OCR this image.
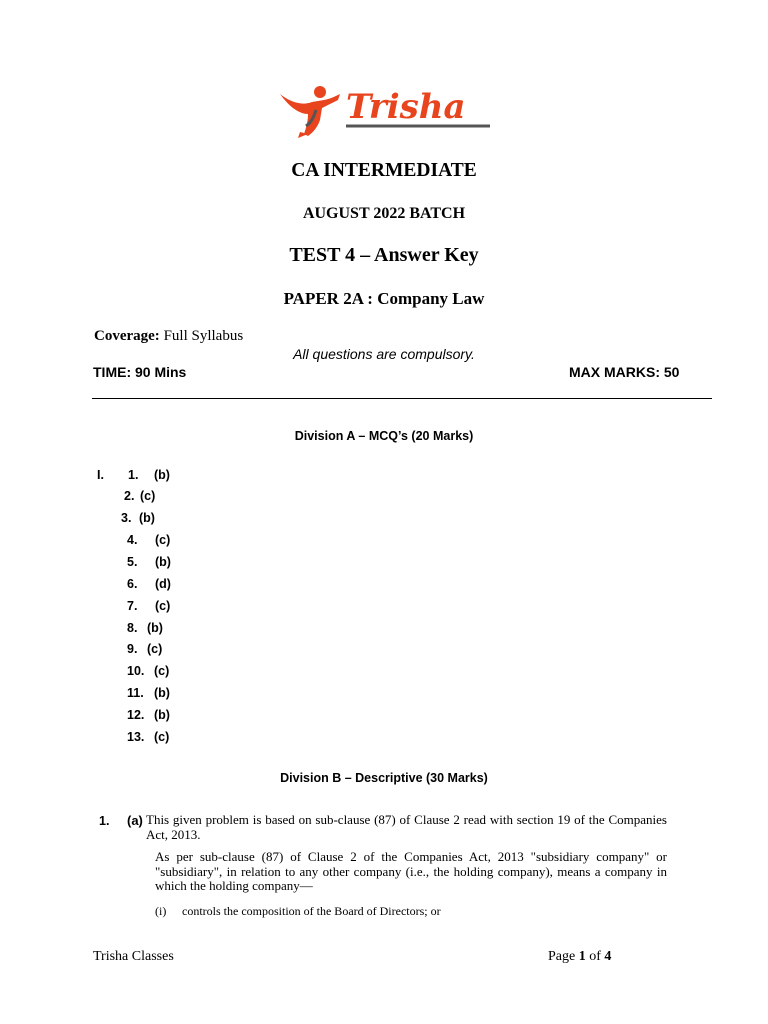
Trisha
CA INTERMEDIATE
AUGUST 2022 BATCH
TEST 4 – Answer Key
PAPER 2A : Company Law
Coverage: Full Syllabus
All questions are compulsory.
TIME: 90 Mins	MAX MARKS: 50
Division A – MCQ’s (20 Marks)
I. 1. (b)
2. (c)
3. (b)
4. (c)
5. (b)
6. (d)
7. (c)
8. (b)
9. (c)
10. (c)
11. (b)
12. (b)
13. (c)
Division B – Descriptive (30 Marks)
1. (a) This given problem is based on sub-clause (87) of Clause 2 read with section 19 of the Companies Act, 2013.
As per sub-clause (87) of Clause 2 of the Companies Act, 2013 "subsidiary company" or "subsidiary", in relation to any other company (i.e., the holding company), means a company in which the holding company—
(i) controls the composition of the Board of Directors; or
Trisha Classes	Page 1 of 4
